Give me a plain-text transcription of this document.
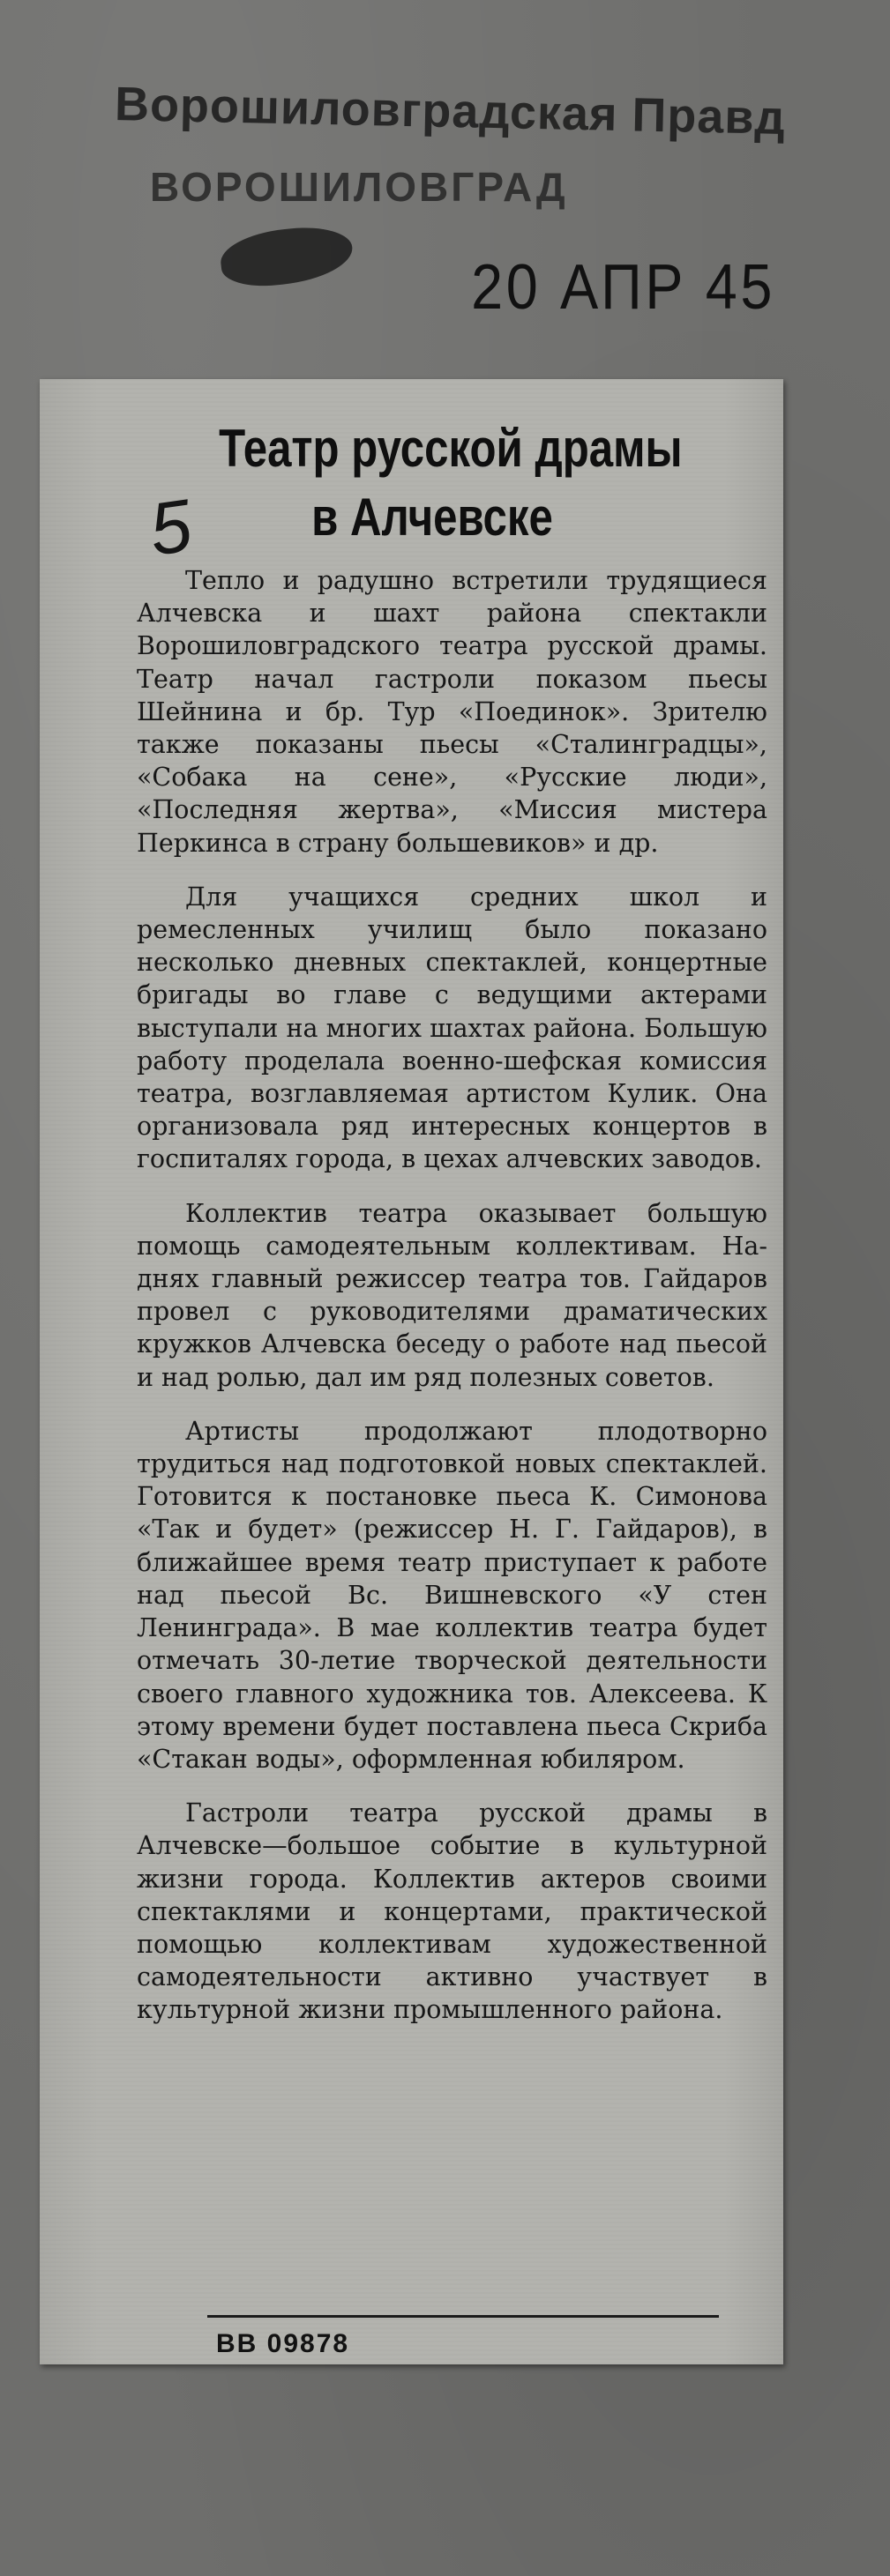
Ворошиловградская Правд
ВОРОШИЛОВГРАД
20 АПР 45
5
Театр русской драмы
в Алчевске

Тепло и радушно встретили трудящиеся Алчевска и шахт района спектакли Ворошиловградского театра русской драмы. Театр начал гастроли показом пьесы Шейнина и бр. Тур «Поединок». Зрителю также показаны пьесы «Сталинградцы», «Собака на сене», «Русские люди», «Последняя жертва», «Миссия мистера Перкинса в страну большевиков» и др.

Для учащихся средних школ и ремесленных училищ было показано несколько дневных спектаклей, концертные бригады во главе с ведущими актерами выступали на многих шахтах района. Большую работу проделала военно-шефская комиссия театра, возглавляемая артистом Кулик. Она организовала ряд интересных концертов в госпиталях города, в цехах алчевских заводов.

Коллектив театра оказывает большую помощь самодеятельным коллективам. На-днях главный режиссер театра тов. Гайдаров провел с руководителями драматических кружков Алчевска беседу о работе над пьесой и над ролью, дал им ряд полезных советов.

Артисты продолжают плодотворно трудиться над подготовкой новых спектаклей. Готовится к постановке пьеса К. Симонова «Так и будет» (режиссер Н. Г. Гайдаров), в ближайшее время театр приступает к работе над пьесой Вс. Вишневского «У стен Ленинграда». В мае коллектив театра будет отмечать 30-летие творческой деятельности своего главного художника тов. Алексеева. К этому времени будет поставлена пьеса Скриба «Стакан воды», оформленная юбиляром.

Гастроли театра русской драмы в Алчевске—большое событие в культурной жизни города. Коллектив актеров своими спектаклями и концертами, практической помощью коллективам художественной самодеятельности активно участвует в культурной жизни промышленного района.

ВВ 09878
